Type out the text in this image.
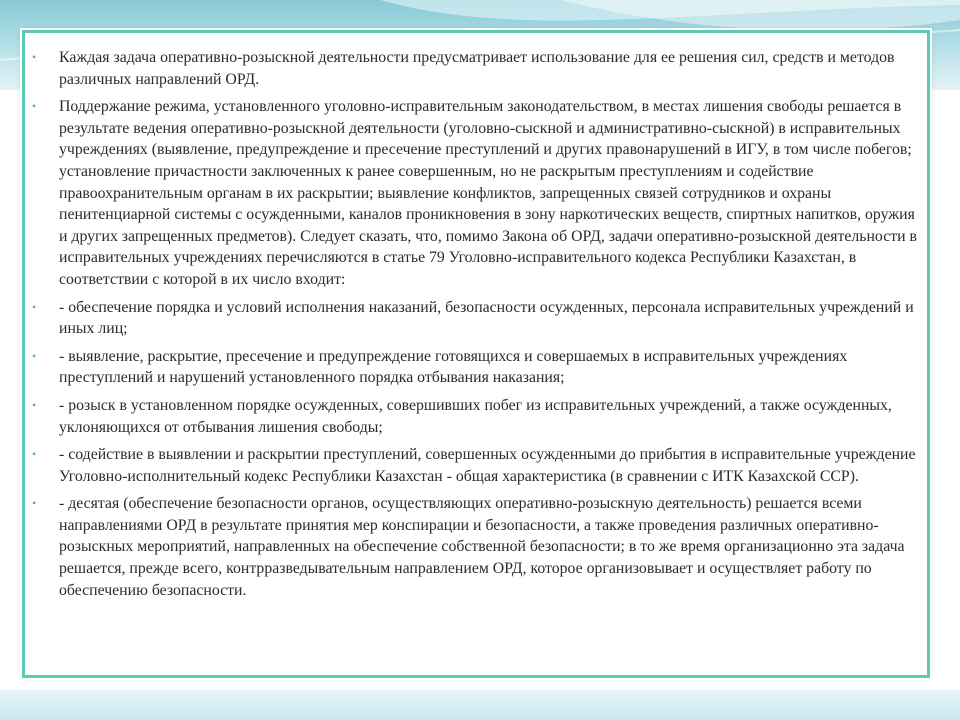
•	Каждая задача оперативно-розыскной деятельности предусматривает использование для ее решения сил, средств и методов различных направлений ОРД.
•	Поддержание режима, установленного уголовно-исправительным законодательством, в местах лишения свободы решается в результате ведения оперативно-розыскной деятельности (уголовно-сыскной и административно-сыскной) в исправительных учреждениях (выявление, предупреждение и пресечение преступлений и других правонарушений в ИГУ, в том числе побегов; установление причастности заключенных к ранее совершенным, но не раскрытым преступлениям и содействие правоохранительным органам в их раскрытии; выявление конфликтов, запрещенных связей сотрудников и охраны пенитенциарной системы с осужденными, каналов проникновения в зону наркотических веществ, спиртных напитков, оружия и других запрещенных предметов). Следует сказать, что, помимо Закона об ОРД, задачи оперативно-розыскной деятельности в исправительных учреждениях перечисляются в статье 79 Уголовно-исправительного кодекса Республики Казахстан, в соответствии с которой в их число входит:
•	- обеспечение порядка и условий исполнения наказаний, безопасности осужденных, персонала исправительных учреждений и иных лиц;
•	- выявление, раскрытие, пресечение и предупреждение готовящихся и совершаемых в исправительных учреждениях преступлений и нарушений установленного порядка отбывания наказания;
•	- розыск в установленном порядке осужденных, совершивших побег из исправительных учреждений, а также осужденных, уклоняющихся от отбывания лишения свободы;
•	- содействие в выявлении и раскрытии преступлений, совершенных осужденными до прибытия в исправительные учреждение Уголовно-исполнительный кодекс Республики Казахстан - общая характеристика (в сравнении с ИТК Казахской ССР).
•	- десятая (обеспечение безопасности органов, осуществляющих оперативно-розыскную деятельность) решается всеми направлениями ОРД в результате принятия мер конспирации и безопасности, а также проведения различных оперативно-розыскных мероприятий, направленных на обеспечение собственной безопасности; в то же время организационно эта задача решается, прежде всего, контрразведывательным направлением ОРД, которое организовывает и осуществляет работу по обеспечению безопасности.
